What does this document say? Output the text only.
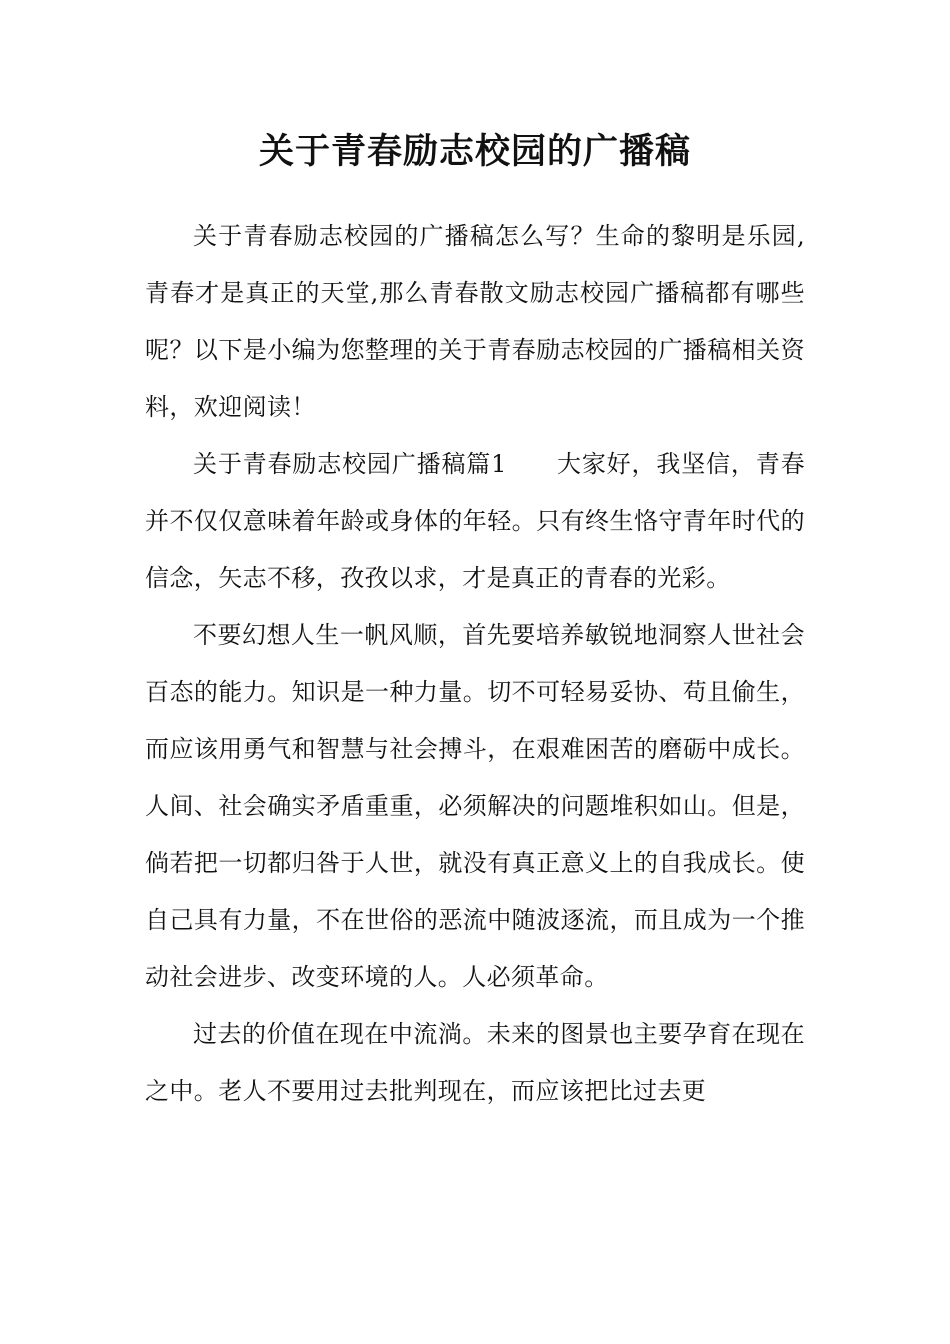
关于青春励志校园的广播稿

关于青春励志校园的广播稿怎么写？生命的黎明是乐园,青春才是真正的天堂,那么青春散文励志校园广播稿都有哪些呢？以下是小编为您整理的关于青春励志校园的广播稿相关资料，欢迎阅读！

关于青春励志校园广播稿篇1　　大家好，我坚信，青春并不仅仅意味着年龄或身体的年轻。只有终生恪守青年时代的信念，矢志不移，孜孜以求，才是真正的青春的光彩。

不要幻想人生一帆风顺，首先要培养敏锐地洞察人世社会百态的能力。知识是一种力量。切不可轻易妥协、苟且偷生，而应该用勇气和智慧与社会搏斗，在艰难困苦的磨砺中成长。人间、社会确实矛盾重重，必须解决的问题堆积如山。但是，倘若把一切都归咎于人世，就没有真正意义上的自我成长。使自己具有力量，不在世俗的恶流中随波逐流，而且成为一个推动社会进步、改变环境的人。人必须革命。

过去的价值在现在中流淌。未来的图景也主要孕育在现在之中。老人不要用过去批判现在，而应该把比过去更
